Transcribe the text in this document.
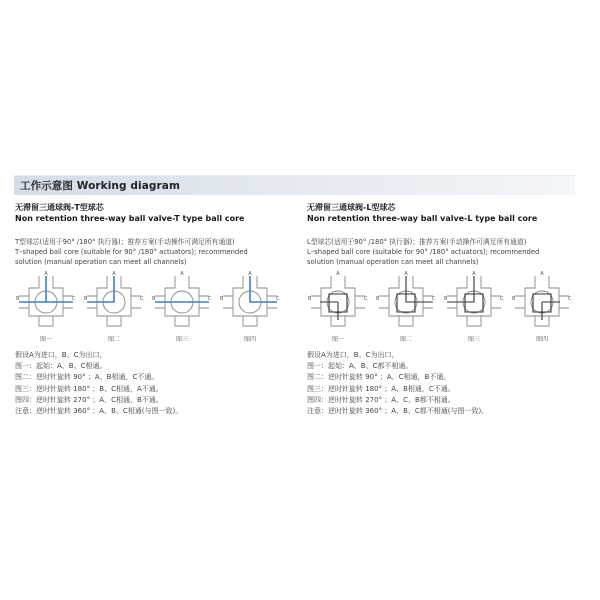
工作示意图 Working diagram
无滞留三通球阀-T型球芯
Non retention three-way ball valve-T type ball core
T型球芯(适用于90° /180° 执行器)；推荐方案(手动操作可满足所有通道)
T–shaped ball core (suitable for 90° /180° actuators); recommended
solution (manual operation can meet all channels)
A
B	C
图一
A
B	C
图二
A
B	C
图三
A
B	C
图四
假设A为进口，B、C为出口，
图一：起始：A、B、C相通。
图二：逆时针旋转 90° ；A、B相通，C不通。
图三：逆时针旋转 180° ；B、C相通，A不通。
图四：逆时针旋转 270° ；A、C相通，B不通。
注意：逆时针旋转 360° ；A、B、C相通(与图一致)。
无滞留三通球阀-L型球芯
Non retention three-way ball valve-L type ball core
L型球芯(适用于90° /180° 执行器)；推荐方案(手动操作可满足所有通道)
L–shaped ball core (suitable for 90° /180° actuators); recommended
solution (manual operation can meet all channels)
A
B	C
图一
A
B	C
图二
A
B	C
图三
A
B	C
图四
假设A为进口，B、C为出口，
图一：起始：A、B、C都不相通。
图二：逆时针旋转 90° ；A、C相通，B不通。
图三：逆时针旋转 180° ；A、B相通，C不通。
图四：逆时针旋转 270° ；A、C、B都不相通。
注意：逆时针旋转 360° ；A、B、C都不相通(与图一致)。
